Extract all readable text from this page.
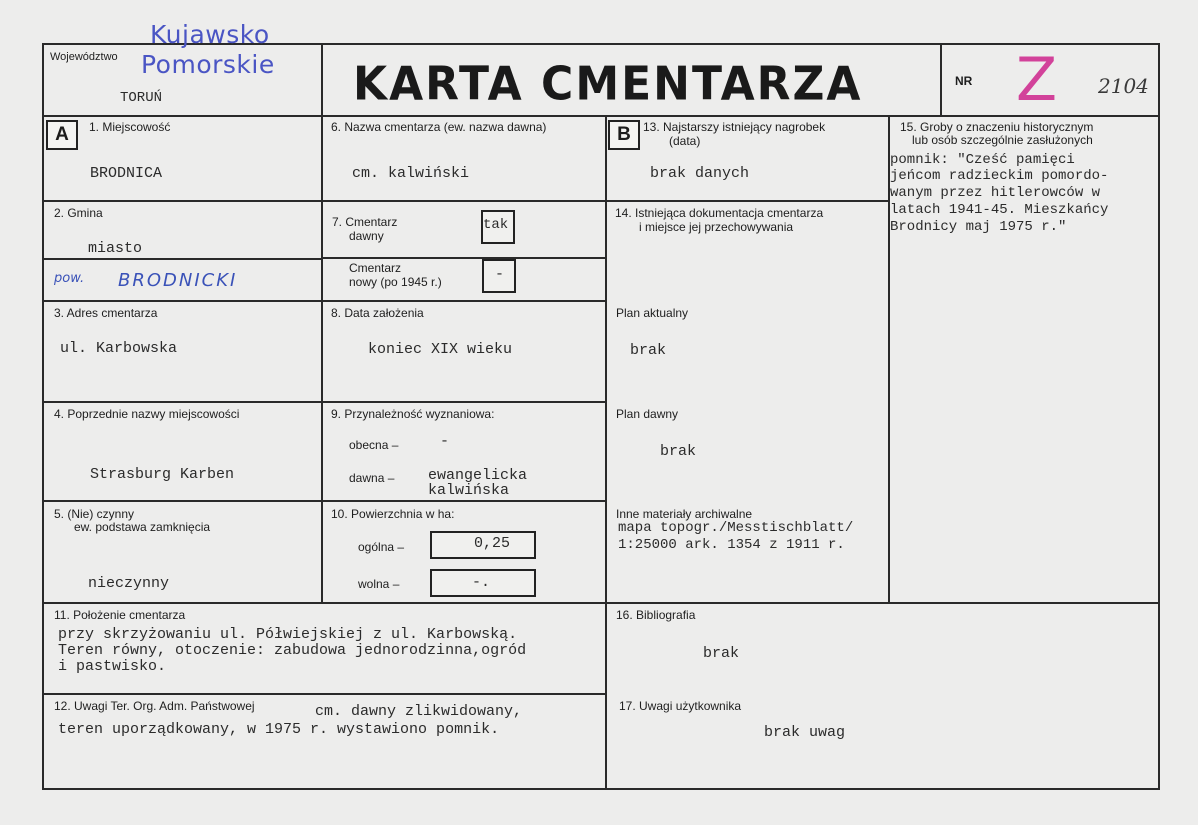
Województwo
Kujawsko
Pomorskie
TORUŃ	KARTA CMENTARZA	NR Z 2104
A	1. Miejscowość
BRODNICA
2. Gmina
miasto
pow. BRODNICKI
3. Adres cmentarza
ul. Karbowska
4. Poprzednie nazwy miejscowości
Strasburg Karben
5. (Nie) czynny
ew. podstawa zamknięcia
nieczynny
6. Nazwa cmentarza (ew. nazwa dawna)
cm. kalwiński
7. Cmentarz
dawny
tak
Cmentarz
nowy (po 1945 r.)	-
8. Data założenia
koniec XIX wieku
9. Przynależność wyznaniowa:
obecna –	-
dawna – ewangelicka
kalwińska
10. Powierzchnia w ha:
ogólna –	0,25
wolna –	-.
B	13. Najstarszy istniejący nagrobek
(data)
brak danych
14. Istniejąca dokumentacja cmentarza
i miejsce jej przechowywania
Plan aktualny
brak
Plan dawny
brak
Inne materiały archiwalne
mapa topogr./Messtischblatt/
1:25000 ark. 1354 z 1911 r.
15. Groby o znaczeniu historycznym
lub osób szczególnie zasłużonych
pomnik: "Cześć pamięci
jeńcom radzieckim pomordo-
wanym przez hitlerowców w
latach 1941-45. Mieszkańcy
Brodnicy maj 1975 r."
11. Położenie cmentarza
przy skrzyżowaniu ul. Półwiejskiej z ul. Karbowską.
Teren równy, otoczenie: zabudowa jednorodzinna,ogród
i pastwisko.
16. Bibliografia
brak
12. Uwagi Ter. Org. Adm. Państwowej	cm. dawny zlikwidowany,
teren uporządkowany, w 1975 r. wystawiono pomnik.
17. Uwagi użytkownika
brak uwag
